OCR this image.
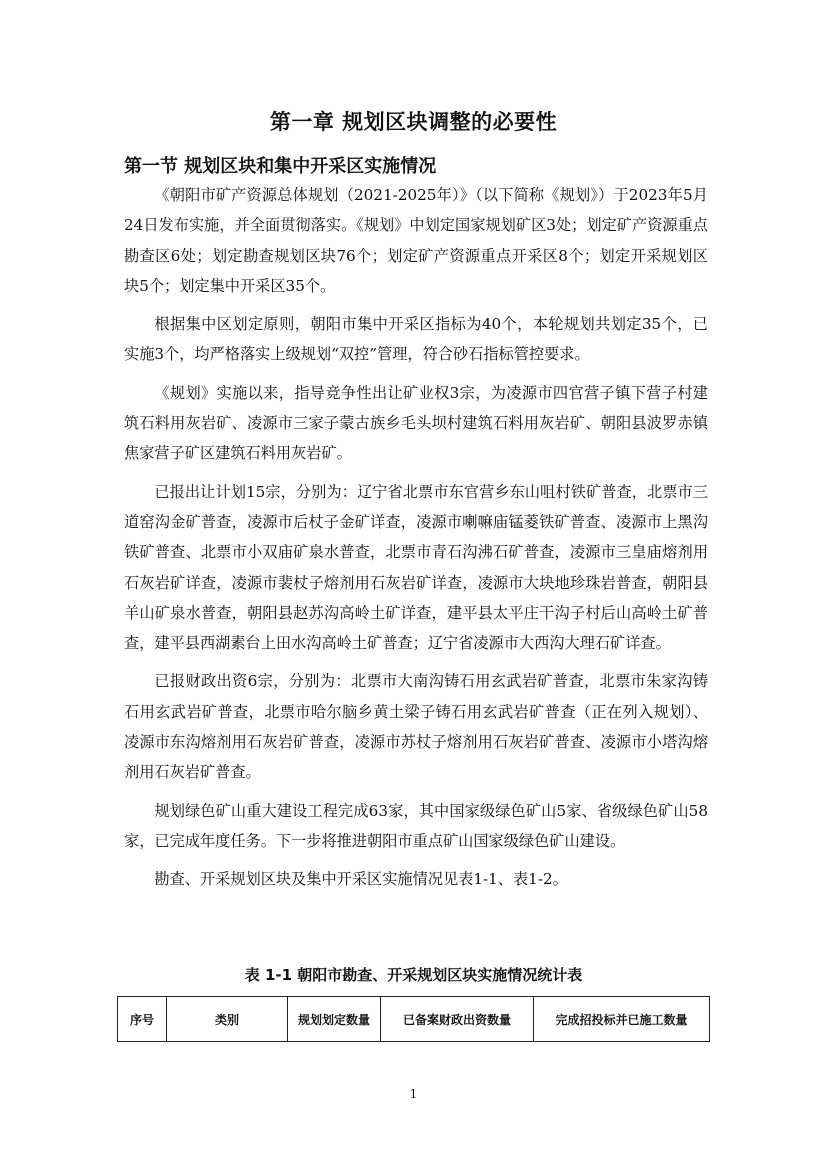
第一章 规划区块调整的必要性
第一节 规划区块和集中开采区实施情况

《朝阳市矿产资源总体规划（2021-2025年）》（以下简称《规划》）于2023年5月24日发布实施，并全面贯彻落实。《规划》中划定国家规划矿区3处；划定矿产资源重点勘查区6处；划定勘查规划区块76个；划定矿产资源重点开采区8个；划定开采规划区块5个；划定集中开采区35个。

根据集中区划定原则，朝阳市集中开采区指标为40个，本轮规划共划定35个，已实施3个，均严格落实上级规划“双控”管理，符合砂石指标管控要求。

《规划》实施以来，指导竞争性出让矿业权3宗，为凌源市四官营子镇下营子村建筑石料用灰岩矿、凌源市三家子蒙古族乡毛头坝村建筑石料用灰岩矿、朝阳县波罗赤镇焦家营子矿区建筑石料用灰岩矿。

已报出让计划15宗，分别为：辽宁省北票市东官营乡东山咀村铁矿普查，北票市三道窑沟金矿普查，凌源市后杖子金矿详查，凌源市喇嘛庙锰菱铁矿普查、凌源市上黑沟铁矿普查、北票市小双庙矿泉水普查，北票市青石沟沸石矿普查，凌源市三皇庙熔剂用石灰岩矿详查，凌源市裴杖子熔剂用石灰岩矿详查，凌源市大块地珍珠岩普查，朝阳县羊山矿泉水普查，朝阳县赵苏沟高岭土矿详查，建平县太平庄干沟子村后山高岭土矿普查，建平县西湖素台上田水沟高岭土矿普查；辽宁省凌源市大西沟大理石矿详查。

已报财政出资6宗，分别为：北票市大南沟铸石用玄武岩矿普查，北票市朱家沟铸石用玄武岩矿普查，北票市哈尔脑乡黄土梁子铸石用玄武岩矿普查（正在列入规划）、凌源市东沟熔剂用石灰岩矿普查，凌源市苏杖子熔剂用石灰岩矿普查、凌源市小塔沟熔剂用石灰岩矿普查。

规划绿色矿山重大建设工程完成63家，其中国家级绿色矿山5家、省级绿色矿山58家，已完成年度任务。下一步将推进朝阳市重点矿山国家级绿色矿山建设。

勘查、开采规划区块及集中开采区实施情况见表1-1、表1-2。

表 1-1 朝阳市勘查、开采规划区块实施情况统计表

序号	类别	规划划定数量	已备案财政出资数量	完成招投标并已施工数量
1
